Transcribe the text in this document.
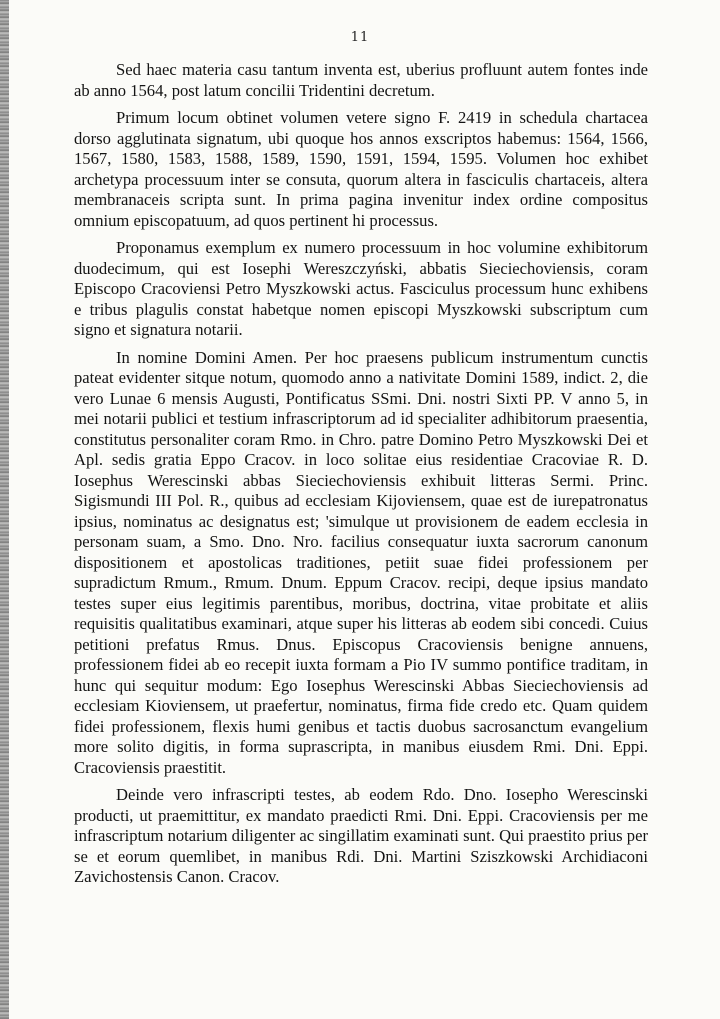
11

Sed haec materia casu tantum inventa est, uberius profluunt autem fontes inde ab anno 1564, post latum concilii Tridentini decretum.

Primum locum obtinet volumen vetere signo F. 2419 in schedula chartacea dorso agglutinata signatum, ubi quoque hos annos exscriptos habemus: 1564, 1566, 1567, 1580, 1583, 1588, 1589, 1590, 1591, 1594, 1595. Volumen hoc exhibet archetypa processuum inter se consuta, quorum altera in fasciculis chartaceis, altera membranaceis scripta sunt. In prima pagina invenitur index ordine compositus omnium episcopatuum, ad quos pertinent hi processus.

Proponamus exemplum ex numero processuum in hoc volumine exhibitorum duodecimum, qui est Iosephi Wereszczyński, abbatis Sieciechoviensis, coram Episcopo Cracoviensi Petro Myszkowski actus. Fasciculus processum hunc exhibens e tribus plagulis constat habetque nomen episcopi Myszkowski subscriptum cum signo et signatura notarii.

In nomine Domini Amen. Per hoc praesens publicum instrumentum cunctis pateat evidenter sitque notum, quomodo anno a nativitate Domini 1589, indict. 2, die vero Lunae 6 mensis Augusti, Pontificatus SSmi. Dni. nostri Sixti PP. V anno 5, in mei notarii publici et testium infrascriptorum ad id specialiter adhibitorum praesentia, constitutus personaliter coram Rmo. in Chro. patre Domino Petro Myszkowski Dei et Apl. sedis gratia Eppo Cracov. in loco solitae eius residentiae Cracoviae R. D. Iosephus Werescinski abbas Sieciechoviensis exhibuit litteras Sermi. Princ. Sigismundi III Pol. R., quibus ad ecclesiam Kijoviensem, quae est de iurepatronatus ipsius, nominatus ac designatus est; 'simulque ut provisionem de eadem ecclesia in personam suam, a Smo. Dno. Nro. facilius consequatur iuxta sacrorum canonum dispositionem et apostolicas traditiones, petiit suae fidei professionem per supradictum Rmum., Rmum. Dnum. Eppum Cracov. recipi, deque ipsius mandato testes super eius legitimis parentibus, moribus, doctrina, vitae probitate et aliis requisitis qualitatibus examinari, atque super his litteras ab eodem sibi concedi. Cuius petitioni prefatus Rmus. Dnus. Episcopus Cracoviensis benigne annuens, professionem fidei ab eo recepit iuxta formam a Pio IV summo pontifice traditam, in hunc qui sequitur modum: Ego Iosephus Werescinski Abbas Sieciechoviensis ad ecclesiam Kioviensem, ut praefertur, nominatus, firma fide credo etc. Quam quidem fidei professionem, flexis humi genibus et tactis duobus sacrosanctum evangelium more solito digitis, in forma suprascripta, in manibus eiusdem Rmi. Dni. Eppi. Cracoviensis praestitit.

Deinde vero infrascripti testes, ab eodem Rdo. Dno. Iosepho Werescinski producti, ut praemittitur, ex mandato praedicti Rmi. Dni. Eppi. Cracoviensis per me infrascriptum notarium diligenter ac singillatim examinati sunt. Qui praestito prius per se et eorum quemlibet, in manibus Rdi. Dni. Martini Sziszkowski Archidiaconi Zavichostensis Canon. Cracov.
